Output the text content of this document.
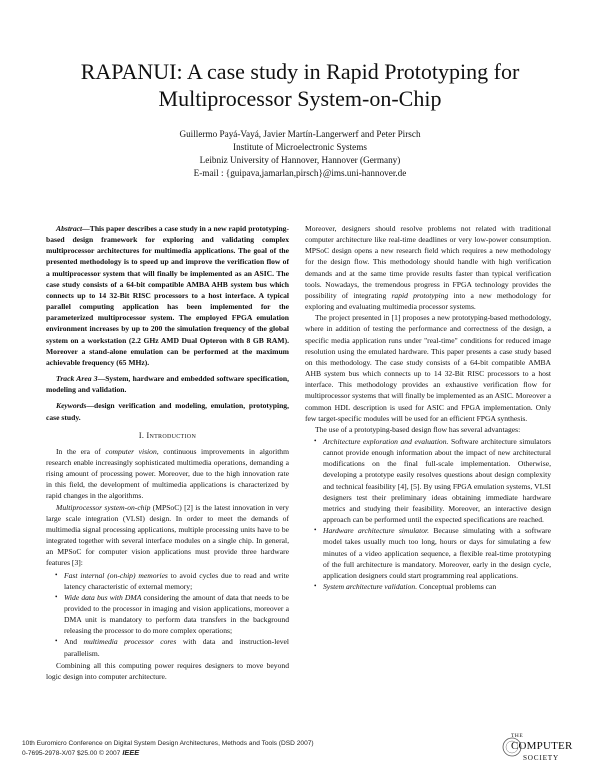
RAPANUI: A case study in Rapid Prototyping for
Multiprocessor System-on-Chip
Guillermo Payá-Vayá, Javier Martín-Langerwerf and Peter Pirsch
Institute of Microelectronic Systems
Leibniz University of Hannover, Hannover (Germany)
E-mail : {guipava,jamarlan,pirsch}@ims.uni-hannover.de

Abstract—This paper describes a case study in a new rapid prototyping-based design framework for exploring and validating complex multiprocessor architectures for multimedia applications. The goal of the presented methodology is to speed up and improve the verification flow of a multiprocessor system that will finally be implemented as an ASIC. The case study consists of a 64-bit compatible AMBA AHB system bus which connects up to 14 32-Bit RISC processors to a host interface. A typical parallel computing application has been implemented for the parameterized multiprocessor system. The employed FPGA emulation environment increases by up to 200 the simulation frequency of the global system on a workstation (2.2 GHz AMD Dual Opteron with 8 GB RAM). Moreover a stand-alone emulation can be performed at the maximum achievable frequency (65 MHz).

Track Area 3—System, hardware and embedded software specification, modeling and validation.

Keywords—design verification and modeling, emulation, prototyping, case study.

I. Introduction

In the era of computer vision, continuous improvements in algorithm research enable increasingly sophisticated multimedia operations, demanding a rising amount of processing power. Moreover, due to the high innovation rate in this field, the development of multimedia applications is characterized by rapid changes in the algorithms.

Multiprocessor system-on-chip (MPSoC) [2] is the latest innovation in very large scale integration (VLSI) design. In order to meet the demands of multimedia signal processing applications, multiple processing units have to be integrated together with several interface modules on a single chip. In general, an MPSoC for computer vision applications must provide three hardware features [3]:

• Fast internal (on-chip) memories to avoid cycles due to read and write latency characteristic of external memory;
• Wide data bus with DMA considering the amount of data that needs to be provided to the processor in imaging and vision applications, moreover a DMA unit is mandatory to perform data transfers in the background releasing the processor to do more complex operations;
• And multimedia processor cores with data and instruction-level parallelism.

Combining all this computing power requires designers to move beyond logic design into computer architecture.

Moreover, designers should resolve problems not related with traditional computer architecture like real-time deadlines or very low-power consumption. MPSoC design opens a new research field which requires a new methodology for the design flow. This methodology should handle with high verification demands and at the same time provide results faster than typical verification tools. Nowadays, the tremendous progress in FPGA technology provides the possibility of integrating rapid prototyping into a new methodology for exploring and evaluating multimedia processor systems.

The project presented in [1] proposes a new prototyping-based methodology, where in addition of testing the performance and correctness of the design, a specific media application runs under "real-time" conditions for reduced image resolution using the emulated hardware. This paper presents a case study based on this methodology. The case study consists of a 64-bit compatible AMBA AHB system bus which connects up to 14 32-Bit RISC processors to a host interface. This methodology provides an exhaustive verification flow for multiprocessor systems that will finally be implemented as an ASIC. Moreover a common HDL description is used for ASIC and FPGA implementation. Only few target-specific modules will be used for an efficient FPGA synthesis.

The use of a prototyping-based design flow has several advantages:

• Architecture exploration and evaluation. Software architecture simulators cannot provide enough information about the impact of new architectural modifications on the final full-scale implementation. Otherwise, developing a prototype easily resolves questions about design complexity and technical feasibility [4], [5]. By using FPGA emulation systems, VLSI designers test their preliminary ideas obtaining immediate hardware metrics and studying their feasibility. Moreover, an interactive design approach can be performed until the expected specifications are reached.
• Hardware architecture simulator. Because simulating with a software model takes usually much too long, hours or days for simulating a few minutes of a video application sequence, a flexible real-time prototyping of the full architecture is mandatory. Moreover, early in the design cycle, application designers could start programming real applications.
• System architecture validation. Conceptual problems can
10th Euromicro Conference on Digital System Design Architectures, Methods and Tools (DSD 2007)
0-7695-2978-X/07 $25.00 © 2007 IEEE
THE
COMPUTER
SOCIETY
